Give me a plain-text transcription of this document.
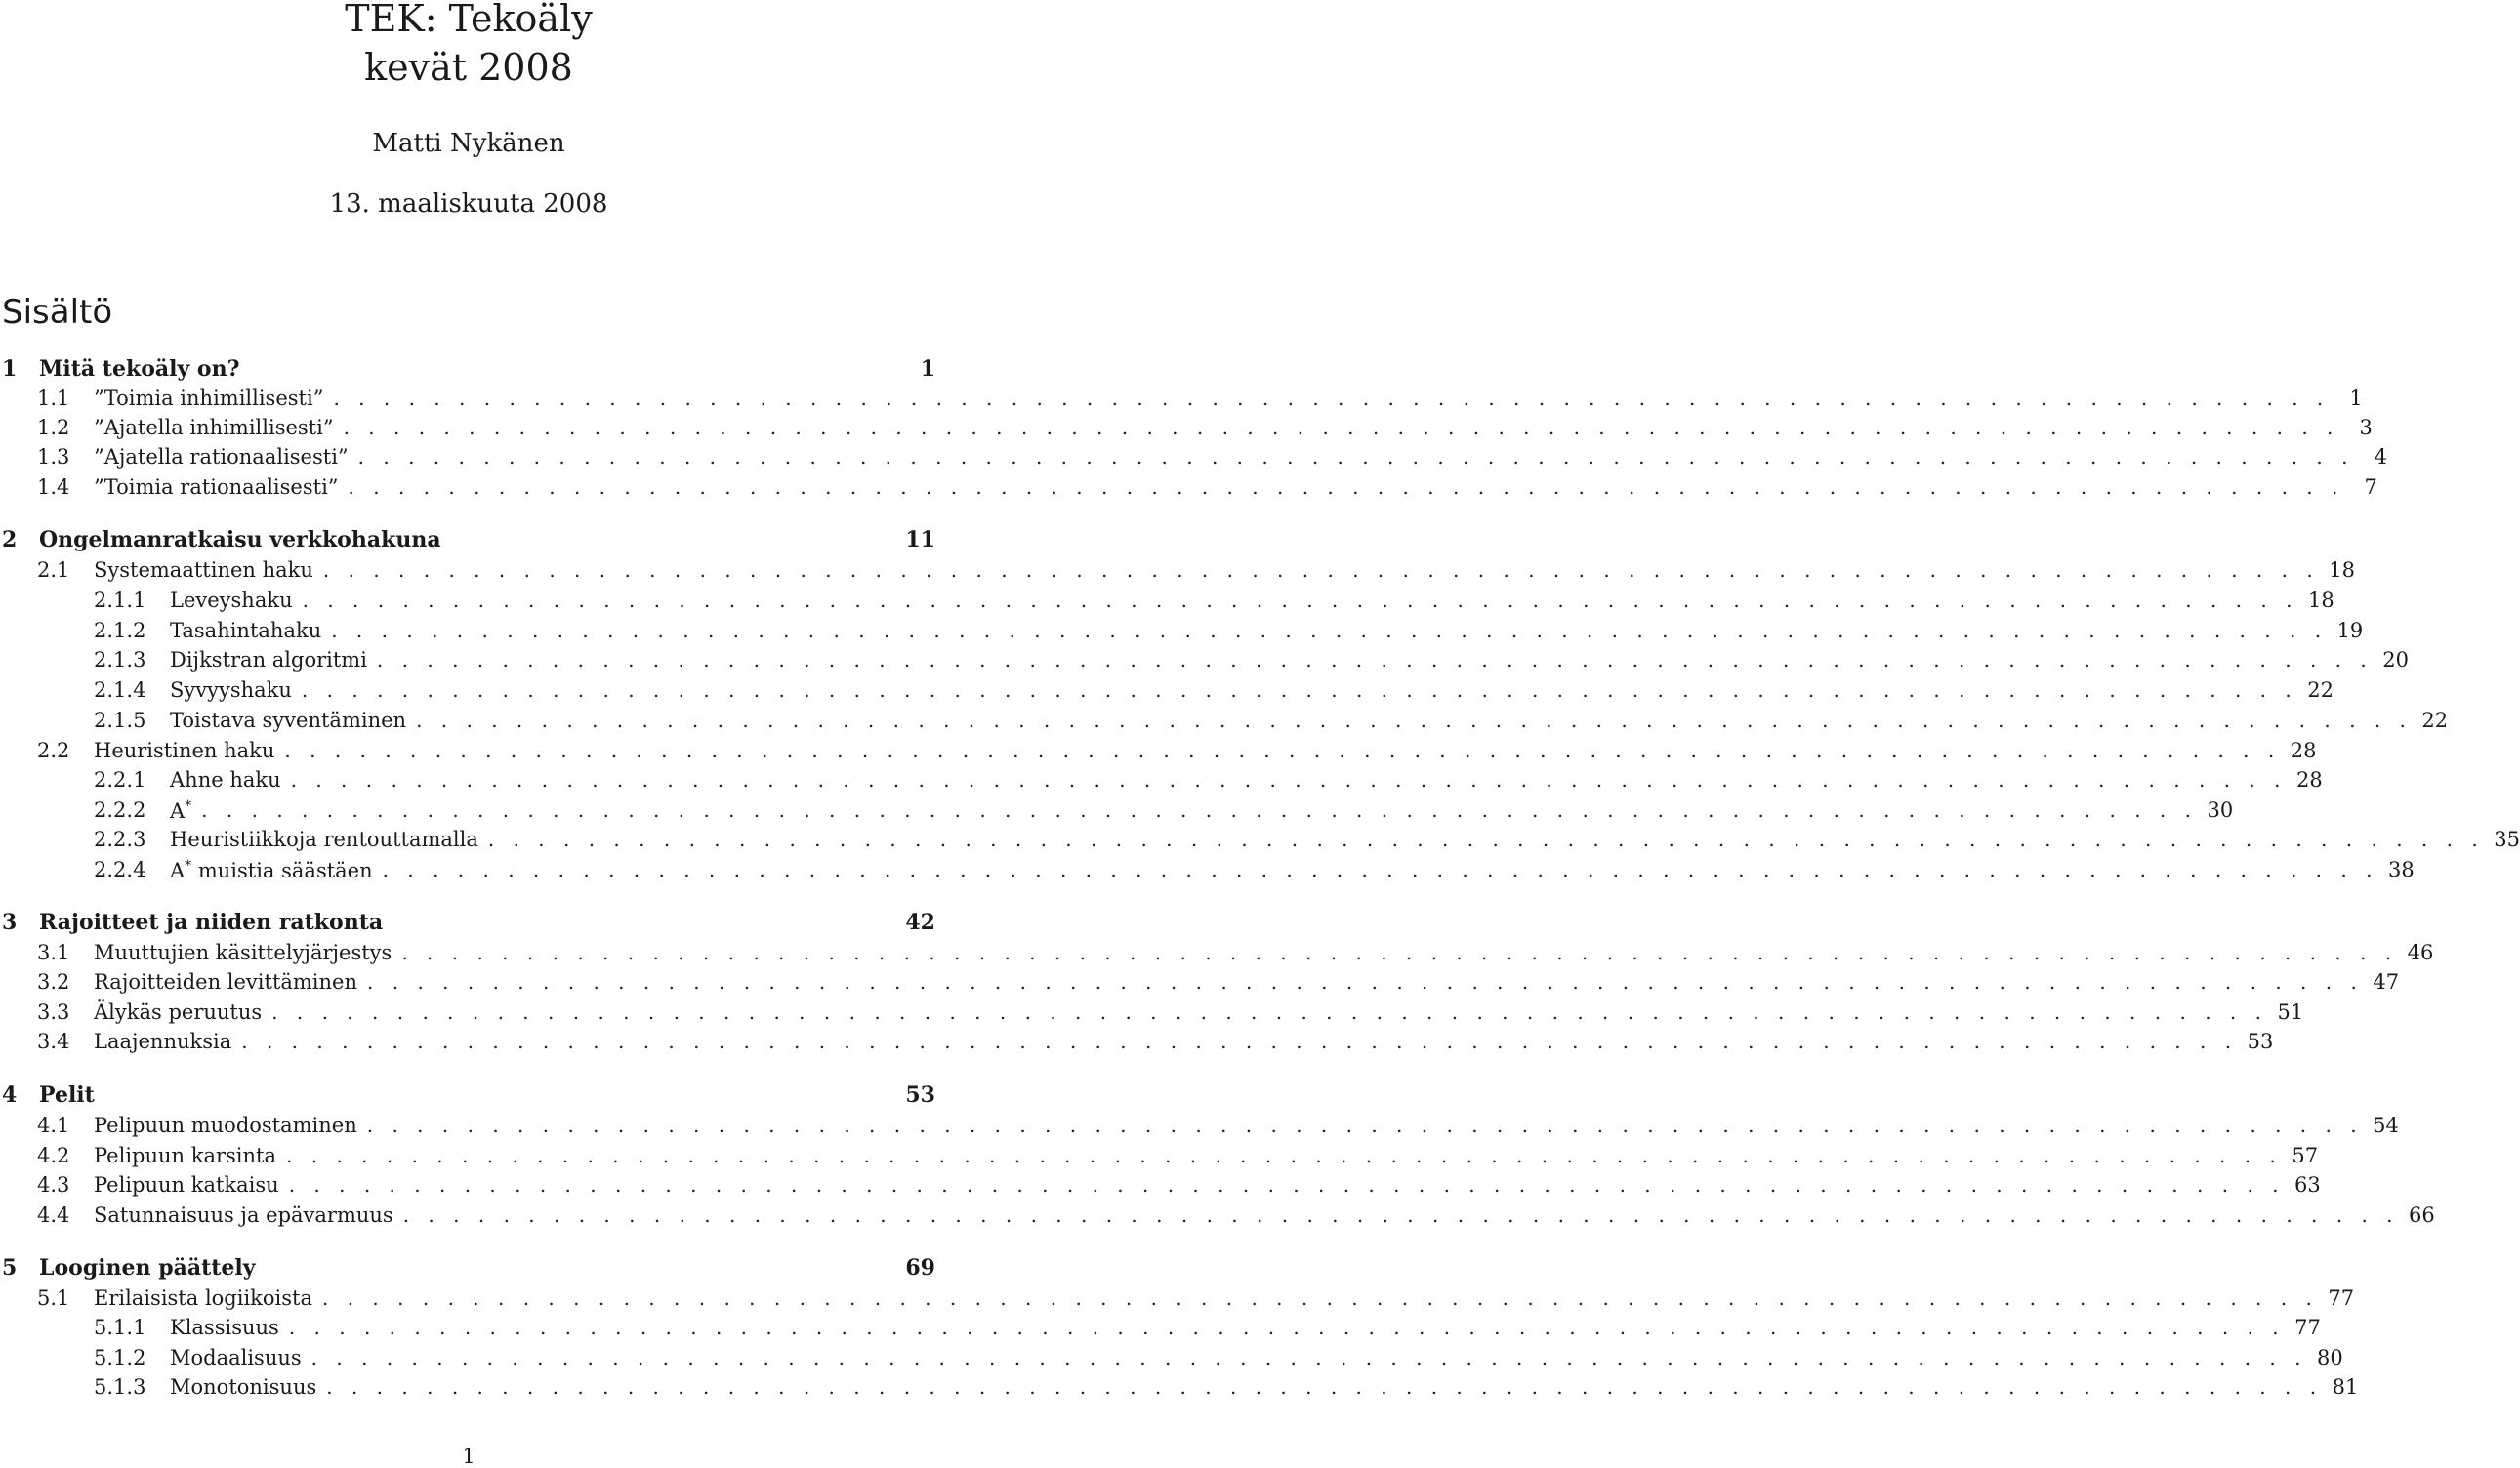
TEK: Tekoäly
kevät 2008
Matti Nykänen
13. maaliskuuta 2008
Sisältö
1	Mitä tekoäly on?	1
1.1	”Toimia inhimillisesti” . . . . . . . . . . . . . . . . . . . . . . . . . . . . . . . . . . . . . . . . . . . . . . . . . . . . . . . . . . . . . . . . . . . . . . . . . . . . . . . . 1
1.2	”Ajatella inhimillisesti” . . . . . . . . . . . . . . . . . . . . . . . . . . . . . . . . . . . . . . . . . . . . . . . . . . . . . . . . . . . . . . . . . . . . . . . . . . . . . . . . 3
1.3	”Ajatella rationaalisesti” . . . . . . . . . . . . . . . . . . . . . . . . . . . . . . . . . . . . . . . . . . . . . . . . . . . . . . . . . . . . . . . . . . . . . . . . . . . . . . . . 4
1.4	”Toimia rationaalisesti” . . . . . . . . . . . . . . . . . . . . . . . . . . . . . . . . . . . . . . . . . . . . . . . . . . . . . . . . . . . . . . . . . . . . . . . . . . . . . . . . 7
2	Ongelmanratkaisu verkkohakuna	11
2.1	Systemaattinen haku . . . . . . . . . . . . . . . . . . . . . . . . . . . . . . . . . . . . . . . . . . . . . . . . . . . . . . . . . . . . . . . . . . . . . . . . . . . . . . . . 18
2.1.1	Leveyshaku . . . . . . . . . . . . . . . . . . . . . . . . . . . . . . . . . . . . . . . . . . . . . . . . . . . . . . . . . . . . . . . . . . . . . . . . . . . . . . . . 18
2.1.2	Tasahintahaku . . . . . . . . . . . . . . . . . . . . . . . . . . . . . . . . . . . . . . . . . . . . . . . . . . . . . . . . . . . . . . . . . . . . . . . . . . . . . . . . 19
2.1.3	Dijkstran algoritmi . . . . . . . . . . . . . . . . . . . . . . . . . . . . . . . . . . . . . . . . . . . . . . . . . . . . . . . . . . . . . . . . . . . . . . . . . . . . . . . . 20
2.1.4	Syvyyshaku . . . . . . . . . . . . . . . . . . . . . . . . . . . . . . . . . . . . . . . . . . . . . . . . . . . . . . . . . . . . . . . . . . . . . . . . . . . . . . . . 22
2.1.5	Toistava syventäminen . . . . . . . . . . . . . . . . . . . . . . . . . . . . . . . . . . . . . . . . . . . . . . . . . . . . . . . . . . . . . . . . . . . . . . . . . . . . . . . . 22
2.2	Heuristinen haku . . . . . . . . . . . . . . . . . . . . . . . . . . . . . . . . . . . . . . . . . . . . . . . . . . . . . . . . . . . . . . . . . . . . . . . . . . . . . . . . 28
2.2.1	Ahne haku . . . . . . . . . . . . . . . . . . . . . . . . . . . . . . . . . . . . . . . . . . . . . . . . . . . . . . . . . . . . . . . . . . . . . . . . . . . . . . . . 28
2.2.2	A* . . . . . . . . . . . . . . . . . . . . . . . . . . . . . . . . . . . . . . . . . . . . . . . . . . . . . . . . . . . . . . . . . . . . . . . . . . . . . . . . 30
2.2.3	Heuristiikkoja rentouttamalla . . . . . . . . . . . . . . . . . . . . . . . . . . . . . . . . . . . . . . . . . . . . . . . . . . . . . . . . . . . . . . . . . . . . . . . . . . . . . . . . 35
2.2.4	A* muistia säästäen . . . . . . . . . . . . . . . . . . . . . . . . . . . . . . . . . . . . . . . . . . . . . . . . . . . . . . . . . . . . . . . . . . . . . . . . . . . . . . . . 38
3	Rajoitteet ja niiden ratkonta	42
3.1	Muuttujien käsittelyjärjestys . . . . . . . . . . . . . . . . . . . . . . . . . . . . . . . . . . . . . . . . . . . . . . . . . . . . . . . . . . . . . . . . . . . . . . . . . . . . . . . . 46
3.2	Rajoitteiden levittäminen . . . . . . . . . . . . . . . . . . . . . . . . . . . . . . . . . . . . . . . . . . . . . . . . . . . . . . . . . . . . . . . . . . . . . . . . . . . . . . . . 47
3.3	Älykäs peruutus . . . . . . . . . . . . . . . . . . . . . . . . . . . . . . . . . . . . . . . . . . . . . . . . . . . . . . . . . . . . . . . . . . . . . . . . . . . . . . . . 51
3.4	Laajennuksia . . . . . . . . . . . . . . . . . . . . . . . . . . . . . . . . . . . . . . . . . . . . . . . . . . . . . . . . . . . . . . . . . . . . . . . . . . . . . . . . 53
4	Pelit	53
4.1	Pelipuun muodostaminen . . . . . . . . . . . . . . . . . . . . . . . . . . . . . . . . . . . . . . . . . . . . . . . . . . . . . . . . . . . . . . . . . . . . . . . . . . . . . . . . 54
4.2	Pelipuun karsinta . . . . . . . . . . . . . . . . . . . . . . . . . . . . . . . . . . . . . . . . . . . . . . . . . . . . . . . . . . . . . . . . . . . . . . . . . . . . . . . . 57
4.3	Pelipuun katkaisu . . . . . . . . . . . . . . . . . . . . . . . . . . . . . . . . . . . . . . . . . . . . . . . . . . . . . . . . . . . . . . . . . . . . . . . . . . . . . . . . 63
4.4	Satunnaisuus ja epävarmuus . . . . . . . . . . . . . . . . . . . . . . . . . . . . . . . . . . . . . . . . . . . . . . . . . . . . . . . . . . . . . . . . . . . . . . . . . . . . . . . . 66
5	Looginen päättely	69
5.1	Erilaisista logiikoista . . . . . . . . . . . . . . . . . . . . . . . . . . . . . . . . . . . . . . . . . . . . . . . . . . . . . . . . . . . . . . . . . . . . . . . . . . . . . . . . 77
5.1.1	Klassisuus . . . . . . . . . . . . . . . . . . . . . . . . . . . . . . . . . . . . . . . . . . . . . . . . . . . . . . . . . . . . . . . . . . . . . . . . . . . . . . . . 77
5.1.2	Modaalisuus . . . . . . . . . . . . . . . . . . . . . . . . . . . . . . . . . . . . . . . . . . . . . . . . . . . . . . . . . . . . . . . . . . . . . . . . . . . . . . . . 80
5.1.3	Monotonisuus . . . . . . . . . . . . . . . . . . . . . . . . . . . . . . . . . . . . . . . . . . . . . . . . . . . . . . . . . . . . . . . . . . . . . . . . . . . . . . . . 81
1
